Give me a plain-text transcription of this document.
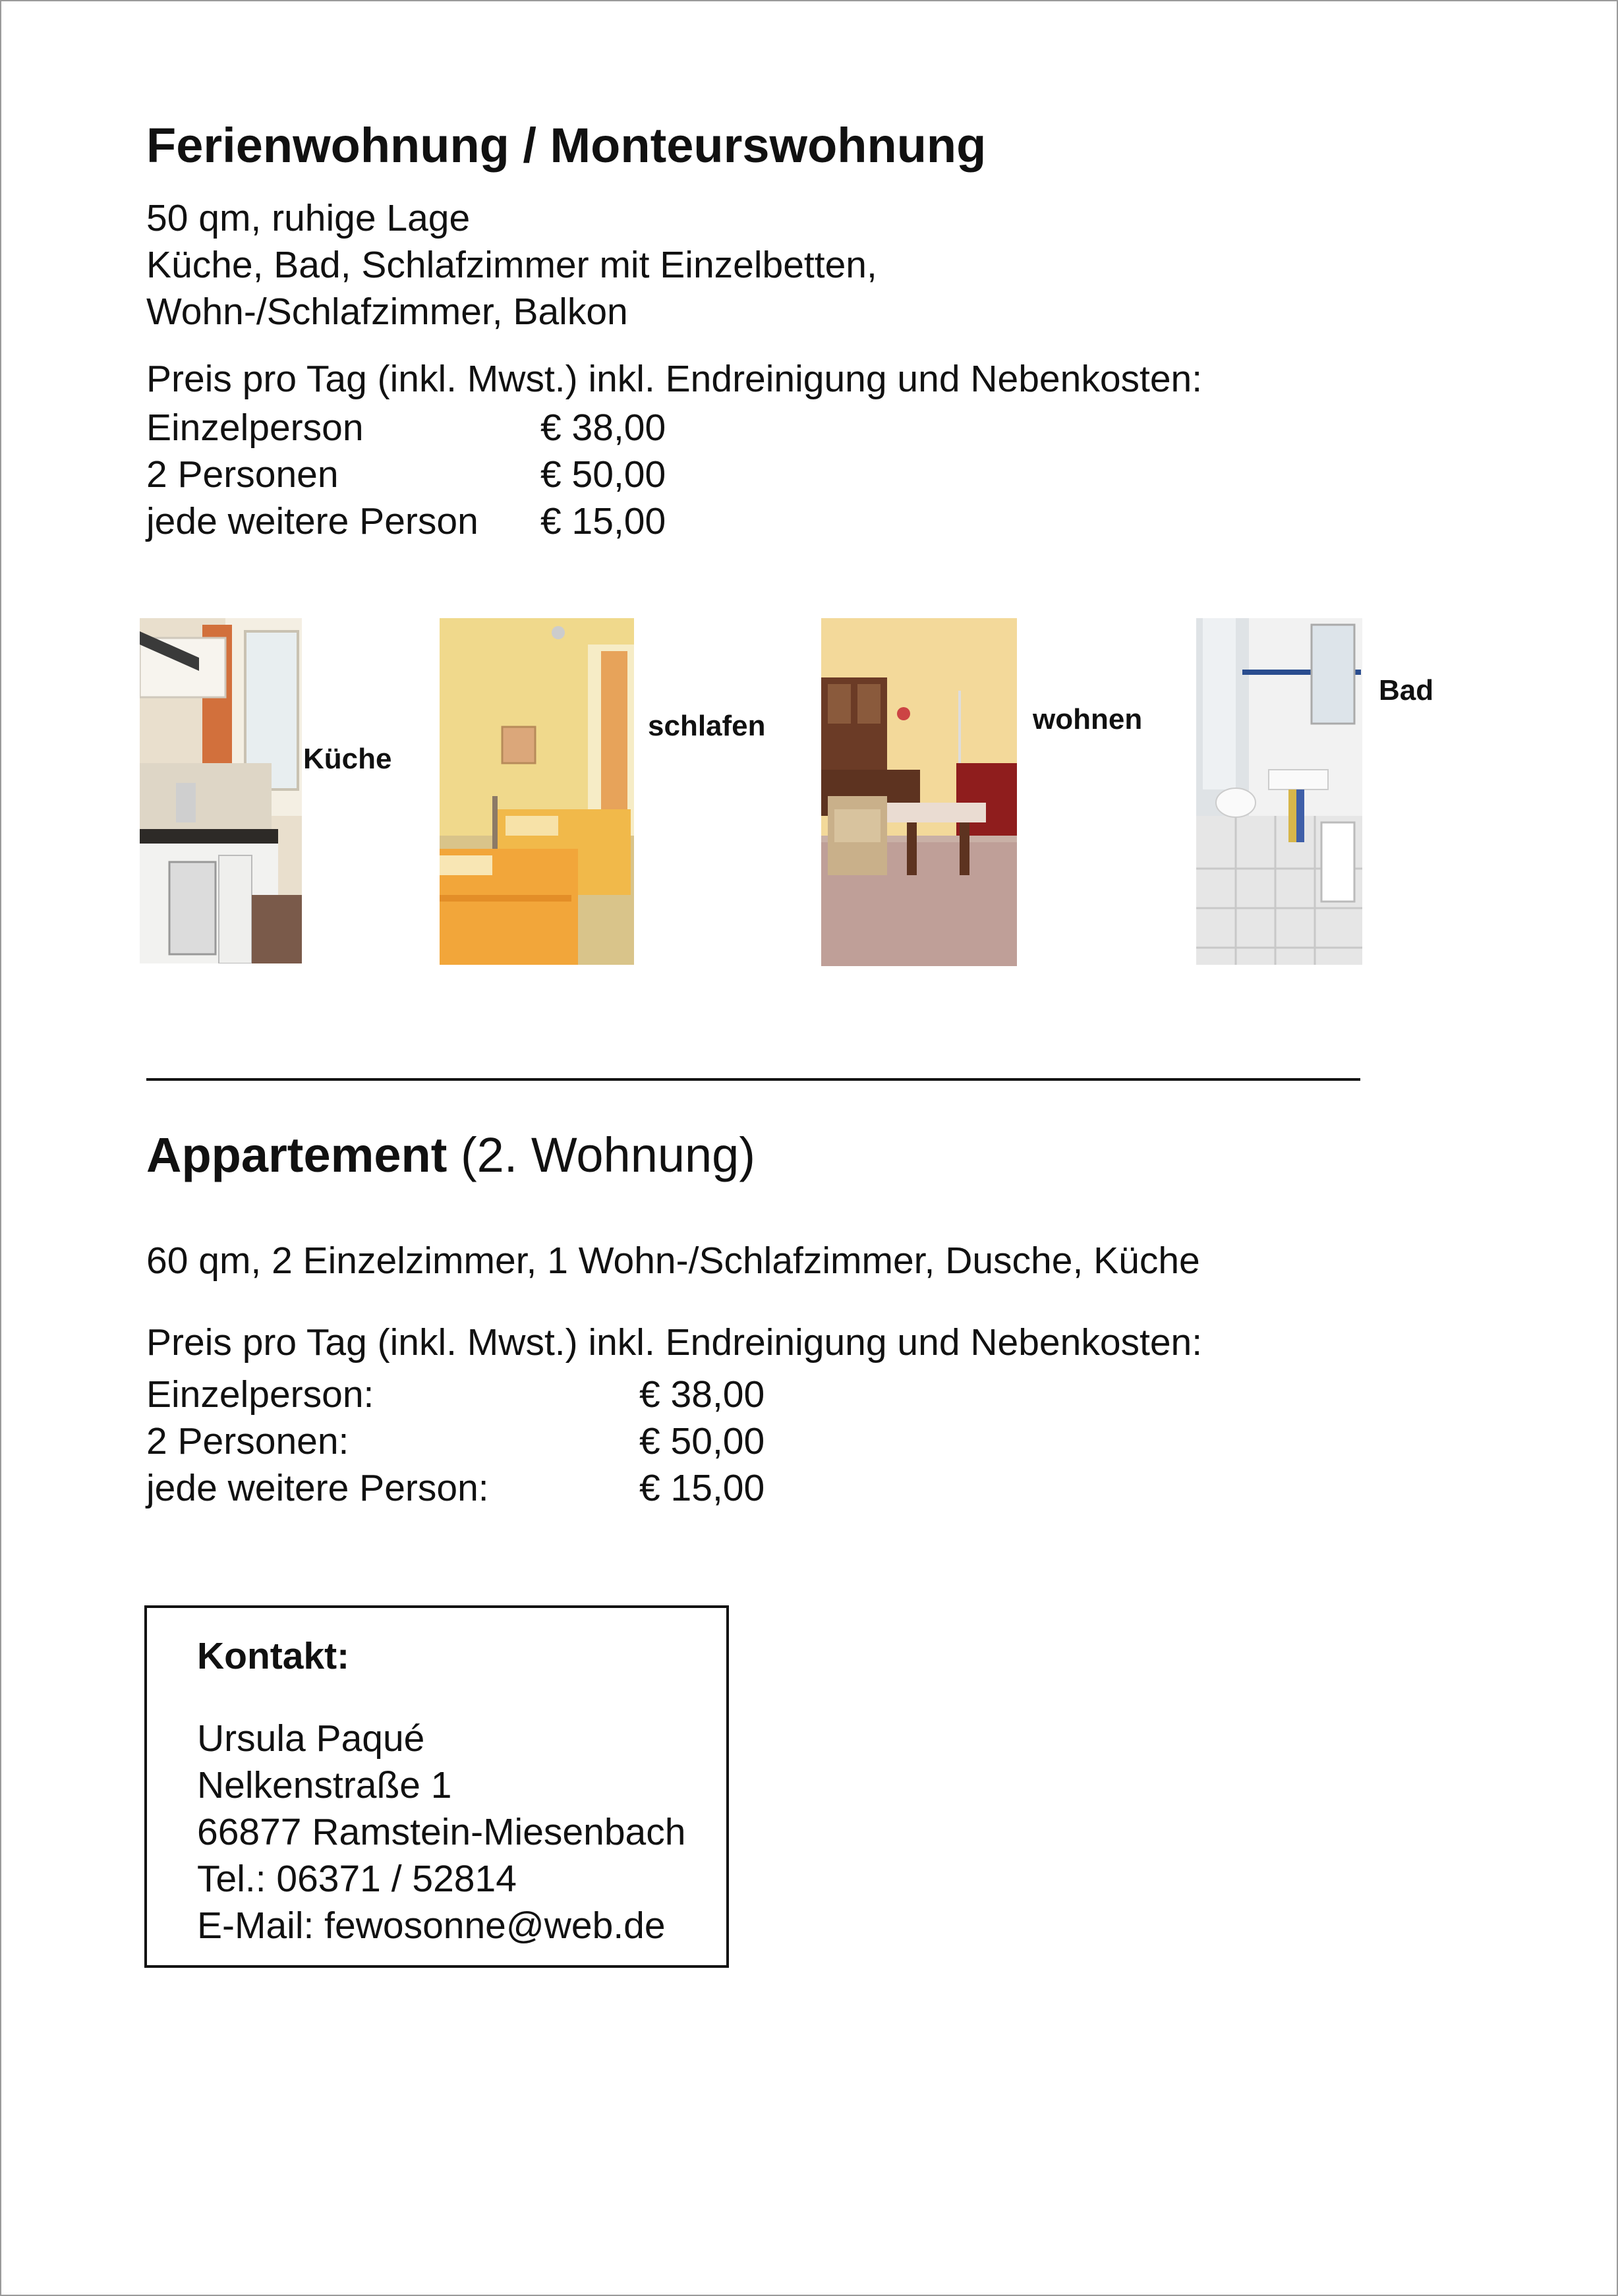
Ferienwohnung / Monteurswohnung
50 qm, ruhige Lage
Küche, Bad, Schlafzimmer mit Einzelbetten,
Wohn-/Schlafzimmer, Balkon
Preis pro Tag (inkl. Mwst.) inkl. Endreinigung und Nebenkosten:
Einzelperson	€ 38,00
2 Personen	€ 50,00
jede weitere Person € 15,00
Küche
schlafen	wohnen
Bad
Appartement (2. Wohnung)
60 qm, 2 Einzelzimmer, 1 Wohn-/Schlafzimmer, Dusche, Küche
Preis pro Tag (inkl. Mwst.) inkl. Endreinigung und Nebenkosten:
Einzelperson:	€ 38,00
2 Personen:	€ 50,00
jede weitere Person:	€ 15,00
Kontakt:
Ursula Paqué
Nelkenstraße 1
66877 Ramstein-Miesenbach
Tel.: 06371 / 52814
E-Mail: fewosonne@web.de
